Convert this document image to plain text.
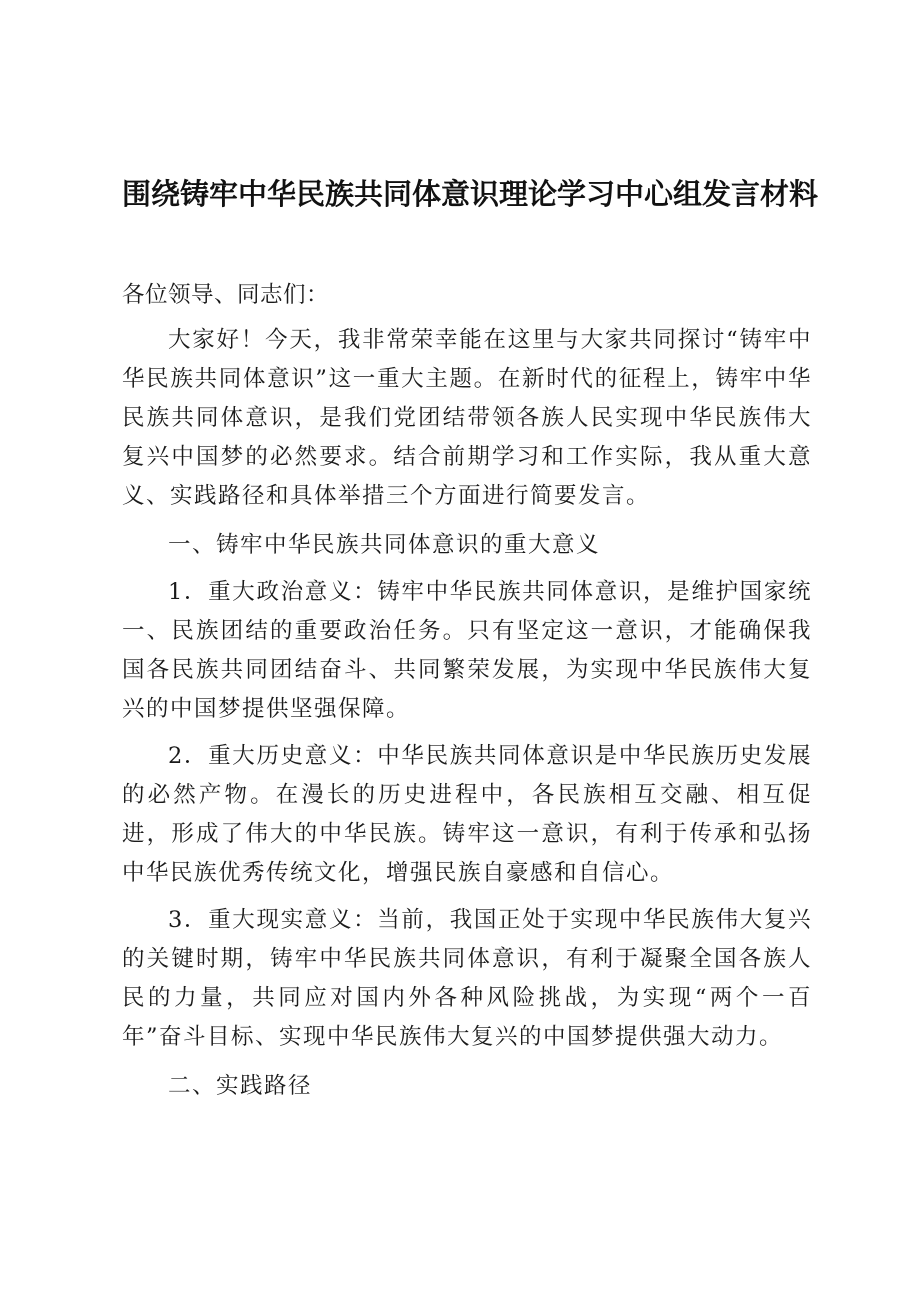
围绕铸牢中华民族共同体意识理论学习中心组发言材料

各位领导、同志们：

大家好！今天，我非常荣幸能在这里与大家共同探讨“铸牢中华民族共同体意识”这一重大主题。在新时代的征程上，铸牢中华民族共同体意识，是我们党团结带领各族人民实现中华民族伟大复兴中国梦的必然要求。结合前期学习和工作实际，我从重大意义、实践路径和具体举措三个方面进行简要发言。

一、铸牢中华民族共同体意识的重大意义

1．重大政治意义：铸牢中华民族共同体意识，是维护国家统一、民族团结的重要政治任务。只有坚定这一意识，才能确保我国各民族共同团结奋斗、共同繁荣发展，为实现中华民族伟大复兴的中国梦提供坚强保障。

2．重大历史意义：中华民族共同体意识是中华民族历史发展的必然产物。在漫长的历史进程中，各民族相互交融、相互促进，形成了伟大的中华民族。铸牢这一意识，有利于传承和弘扬中华民族优秀传统文化，增强民族自豪感和自信心。

3．重大现实意义：当前，我国正处于实现中华民族伟大复兴的关键时期，铸牢中华民族共同体意识，有利于凝聚全国各族人民的力量，共同应对国内外各种风险挑战，为实现“两个一百年”奋斗目标、实现中华民族伟大复兴的中国梦提供强大动力。

二、实践路径
